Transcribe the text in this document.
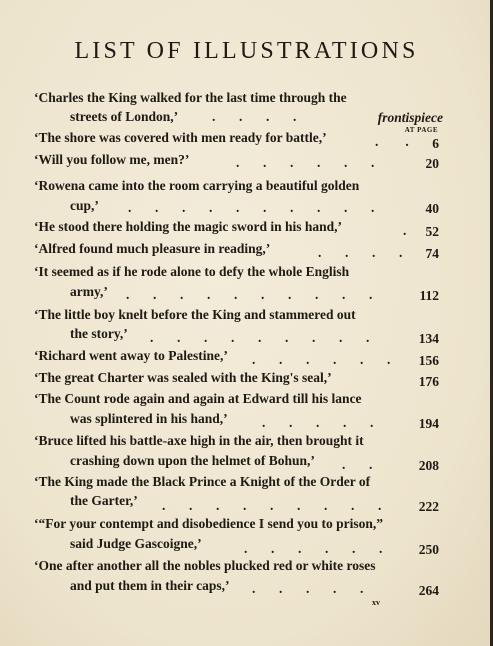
LIST OF ILLUSTRATIONS
‘Charles the King walked for the last time through the
streets of London,’	.       .       .       .	frontispiece
AT PAGE
‘The shore was covered with men ready for battle,’	.        . 6
‘Will you follow me, men?’	.       .       .       .       .       .	20
‘Rowena came into the room carrying a beautiful golden
cup,’ .       .       .       .       .       .       .       .       .       .	40
‘He stood there holding the magic sword in his hand,’	. 52
‘Alfred found much pleasure in reading,’	.       .       .       . 74
‘It seemed as if he rode alone to defy the whole English
army,’ .       .       .       .       .       .       .       .       .       .	112
‘The little boy knelt before the King and stammered out
the story,’ .       .       .       .       .       .       .       .       .	134
‘Richard went away to Palestine,’ .       .       .       .       .       . 156
‘The great Charter was sealed with the King's seal,’	176
‘The Count rode again and again at Edward till his lance
was splintered in his hand,’	.       .       .       .       .	194
‘Bruce lifted his battle-axe high in the air, then brought it
crashing down upon the helmet of Bohun,’ .       .	208
‘The King made the Black Prince a Knight of the Order of
the Garter,’ .       .       .       .       .       .       .       .       .	222
‘“For your contempt and disobedience I send you to prison,”
said Judge Gascoigne,’	.       .       .       .       .       .	250
‘One after another all the nobles plucked red or white roses
and put them in their caps,’ .       .       .       .       .	264
xv
